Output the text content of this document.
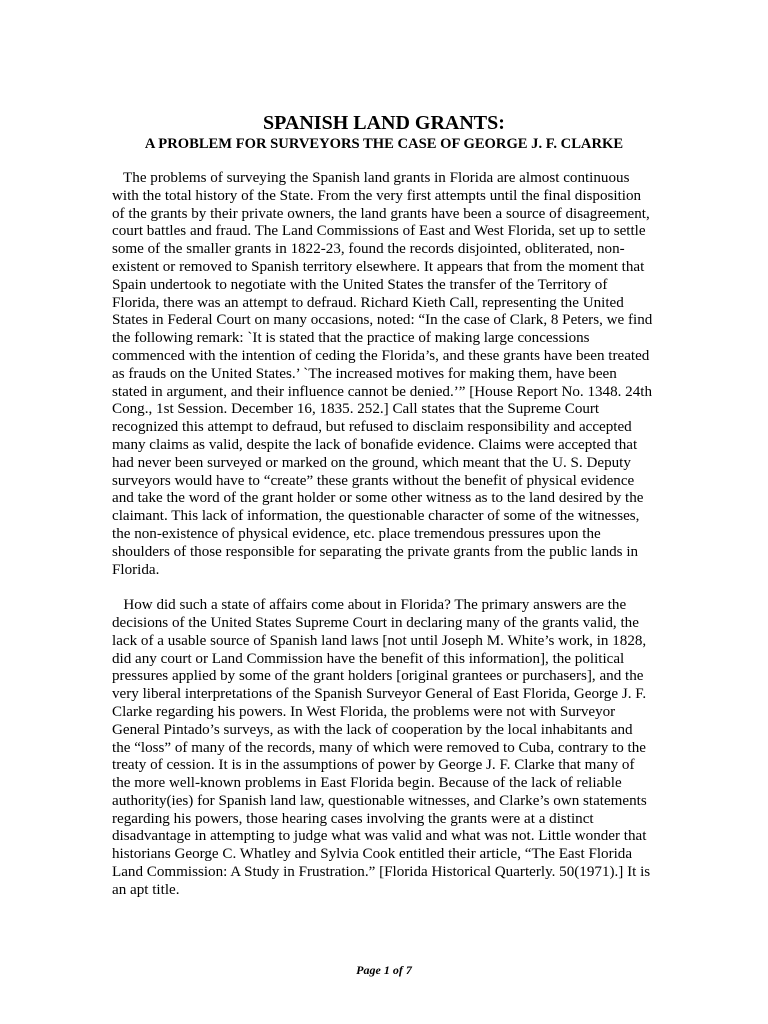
SPANISH LAND GRANTS:
A PROBLEM FOR SURVEYORS THE CASE OF GEORGE J. F. CLARKE

The problems of surveying the Spanish land grants in Florida are almost continuous
with the total history of the State. From the very first attempts until the final disposition
of the grants by their private owners, the land grants have been a source of disagreement,
court battles and fraud. The Land Commissions of East and West Florida, set up to settle
some of the smaller grants in 1822-23, found the records disjointed, obliterated, non-
existent or removed to Spanish territory elsewhere. It appears that from the moment that
Spain undertook to negotiate with the United States the transfer of the Territory of
Florida, there was an attempt to defraud. Richard Kieth Call, representing the United
States in Federal Court on many occasions, noted: “In the case of Clark, 8 Peters, we find
the following remark: `It is stated that the practice of making large concessions
commenced with the intention of ceding the Florida’s, and these grants have been treated
as frauds on the United States.’ `The increased motives for making them, have been
stated in argument, and their influence cannot be denied.’” [House Report No. 1348. 24th
Cong., 1st Session. December 16, 1835. 252.] Call states that the Supreme Court
recognized this attempt to defraud, but refused to disclaim responsibility and accepted
many claims as valid, despite the lack of bonafide evidence. Claims were accepted that
had never been surveyed or marked on the ground, which meant that the U. S. Deputy
surveyors would have to “create” these grants without the benefit of physical evidence
and take the word of the grant holder or some other witness as to the land desired by the
claimant. This lack of information, the questionable character of some of the witnesses,
the non-existence of physical evidence, etc. place tremendous pressures upon the
shoulders of those responsible for separating the private grants from the public lands in
Florida.

How did such a state of affairs come about in Florida? The primary answers are the
decisions of the United States Supreme Court in declaring many of the grants valid, the
lack of a usable source of Spanish land laws [not until Joseph M. White’s work, in 1828,
did any court or Land Commission have the benefit of this information], the political
pressures applied by some of the grant holders [original grantees or purchasers], and the
very liberal interpretations of the Spanish Surveyor General of East Florida, George J. F.
Clarke regarding his powers. In West Florida, the problems were not with Surveyor
General Pintado’s surveys, as with the lack of cooperation by the local inhabitants and
the “loss” of many of the records, many of which were removed to Cuba, contrary to the
treaty of cession. It is in the assumptions of power by George J. F. Clarke that many of
the more well-known problems in East Florida begin. Because of the lack of reliable
authority(ies) for Spanish land law, questionable witnesses, and Clarke’s own statements
regarding his powers, those hearing cases involving the grants were at a distinct
disadvantage in attempting to judge what was valid and what was not. Little wonder that
historians George C. Whatley and Sylvia Cook entitled their article, “The East Florida
Land Commission: A Study in Frustration.” [Florida Historical Quarterly. 50(1971).] It is
an apt title.

Page 1 of 7
